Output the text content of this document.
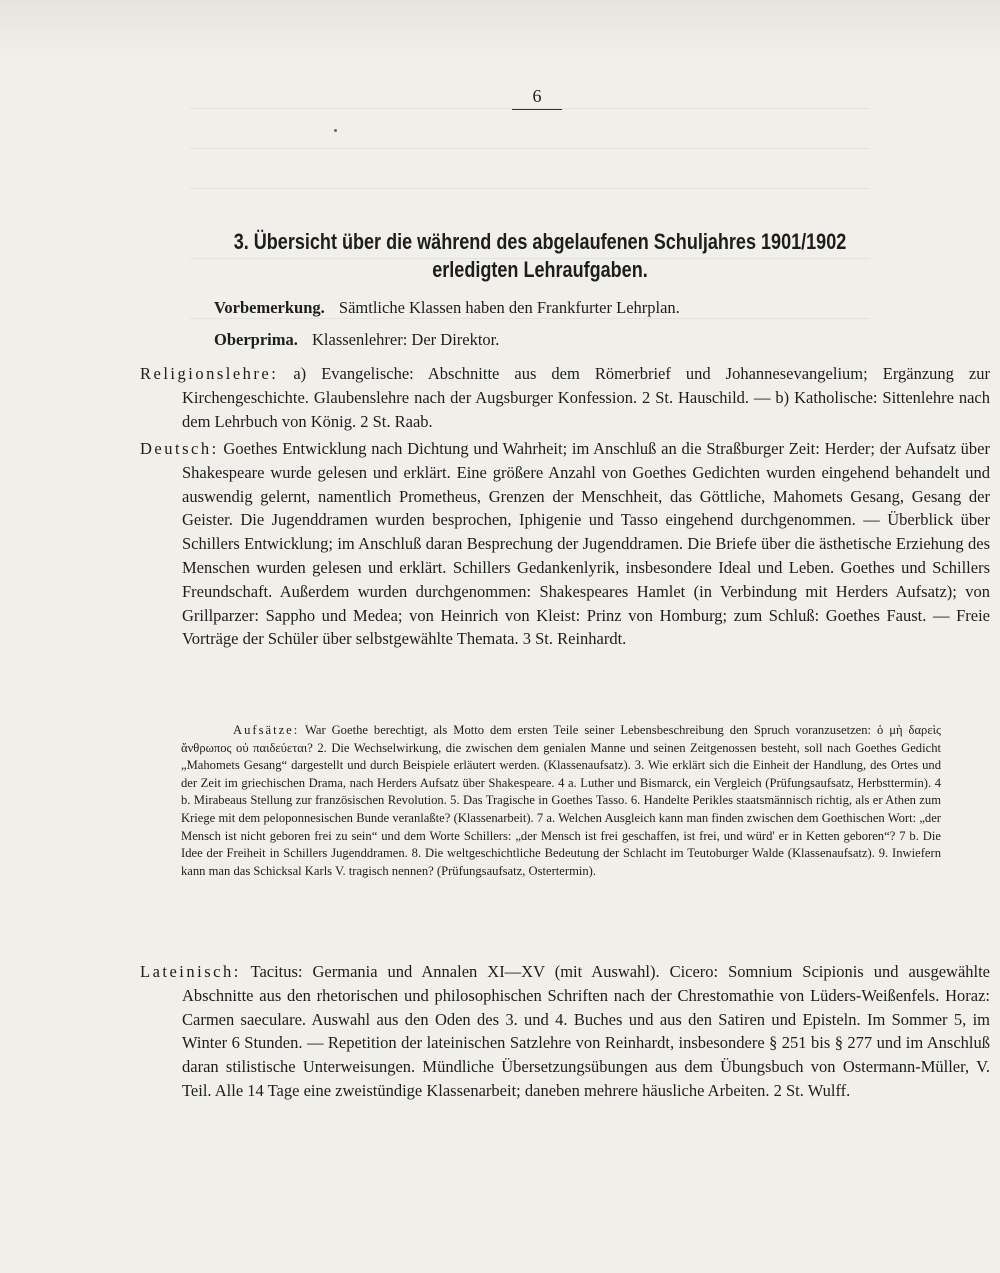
6
3. Übersicht über die während des abgelaufenen Schuljahres 1901/1902
erledigten Lehraufgaben.
Vorbemerkung. Sämtliche Klassen haben den Frankfurter Lehrplan.
Oberprima. Klassenlehrer: Der Direktor.
Religionslehre: a) Evangelische: Abschnitte aus dem Römerbrief und Johannesevangelium; Ergänzung zur Kirchengeschichte. Glaubenslehre nach der Augsburger Konfession. 2 St. Hauschild. — b) Katholische: Sittenlehre nach dem Lehrbuch von König. 2 St. Raab.
Deutsch: Goethes Entwicklung nach Dichtung und Wahrheit; im Anschluß an die Straßburger Zeit: Herder; der Aufsatz über Shakespeare wurde gelesen und erklärt. Eine größere Anzahl von Goethes Gedichten wurden eingehend behandelt und auswendig gelernt, namentlich Prometheus, Grenzen der Menschheit, das Göttliche, Mahomets Gesang, Gesang der Geister. Die Jugenddramen wurden besprochen, Iphigenie und Tasso eingehend durchgenommen. — Überblick über Schillers Entwicklung; im Anschluß daran Besprechung der Jugenddramen. Die Briefe über die ästhetische Erziehung des Menschen wurden gelesen und erklärt. Schillers Gedankenlyrik, insbesondere Ideal und Leben. Goethes und Schillers Freundschaft. Außerdem wurden durchgenommen: Shakespeares Hamlet (in Verbindung mit Herders Aufsatz); von Grillparzer: Sappho und Medea; von Heinrich von Kleist: Prinz von Homburg; zum Schluß: Goethes Faust. — Freie Vorträge der Schüler über selbstgewählte Themata. 3 St. Reinhardt.
Aufsätze: War Goethe berechtigt, als Motto dem ersten Teile seiner Lebensbeschreibung den Spruch voranzusetzen: ὁ μὴ δαρεὶς ἄνθρωπος οὐ παιδεύεται? 2. Die Wechselwirkung, die zwischen dem genialen Manne und seinen Zeitgenossen besteht, soll nach Goethes Gedicht „Mahomets Gesang“ dargestellt und durch Beispiele erläutert werden. (Klassenaufsatz). 3. Wie erklärt sich die Einheit der Handlung, des Ortes und der Zeit im griechischen Drama, nach Herders Aufsatz über Shakespeare. 4 a. Luther und Bismarck, ein Vergleich (Prüfungsaufsatz, Herbsttermin). 4 b. Mirabeaus Stellung zur französischen Revolution. 5. Das Tragische in Goethes Tasso. 6. Handelte Perikles staatsmännisch richtig, als er Athen zum Kriege mit dem peloponnesischen Bunde veranlaßte? (Klassenarbeit). 7 a. Welchen Ausgleich kann man finden zwischen dem Goethischen Wort: „der Mensch ist nicht geboren frei zu sein“ und dem Worte Schillers: „der Mensch ist frei geschaffen, ist frei, und würd' er in Ketten geboren“? 7 b. Die Idee der Freiheit in Schillers Jugenddramen. 8. Die weltgeschichtliche Bedeutung der Schlacht im Teutoburger Walde (Klassenaufsatz). 9. Inwiefern kann man das Schicksal Karls V. tragisch nennen? (Prüfungsaufsatz, Ostertermin).
Lateinisch: Tacitus: Germania und Annalen XI—XV (mit Auswahl). Cicero: Somnium Scipionis und ausgewählte Abschnitte aus den rhetorischen und philosophischen Schriften nach der Chrestomathie von Lüders-Weißenfels. Horaz: Carmen saeculare. Auswahl aus den Oden des 3. und 4. Buches und aus den Satiren und Episteln. Im Sommer 5, im Winter 6 Stunden. — Repetition der lateinischen Satzlehre von Reinhardt, insbesondere § 251 bis § 277 und im Anschluß daran stilistische Unterweisungen. Mündliche Übersetzungsübungen aus dem Übungsbuch von Ostermann-Müller, V. Teil. Alle 14 Tage eine zweistündige Klassenarbeit; daneben mehrere häusliche Arbeiten. 2 St. Wulff.
